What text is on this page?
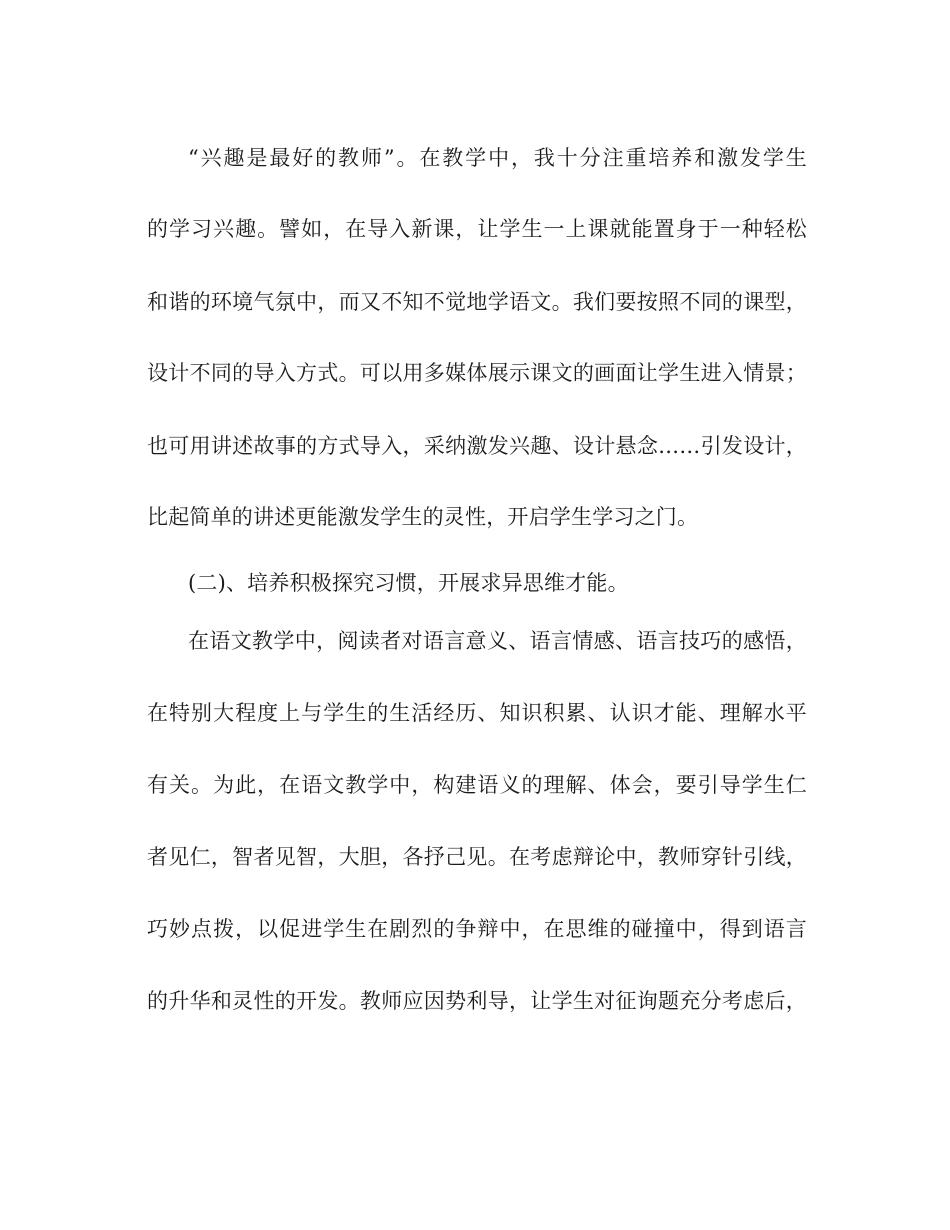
“兴趣是最好的教师”。在教学中，我十分注重培养和激发学生
的学习兴趣。譬如，在导入新课，让学生一上课就能置身于一种轻松
和谐的环境气氛中，而又不知不觉地学语文。我们要按照不同的课型，
设计不同的导入方式。可以用多媒体展示课文的画面让学生进入情景；
也可用讲述故事的方式导入，采纳激发兴趣、设计悬念……引发设计，
比起简单的讲述更能激发学生的灵性，开启学生学习之门。
(二)、培养积极探究习惯，开展求异思维才能。
在语文教学中，阅读者对语言意义、语言情感、语言技巧的感悟，
在特别大程度上与学生的生活经历、知识积累、认识才能、理解水平
有关。为此，在语文教学中，构建语义的理解、体会，要引导学生仁
者见仁，智者见智，大胆，各抒己见。在考虑辩论中，教师穿针引线，
巧妙点拨，以促进学生在剧烈的争辩中，在思维的碰撞中，得到语言
的升华和灵性的开发。教师应因势利导，让学生对征询题充分考虑后，
